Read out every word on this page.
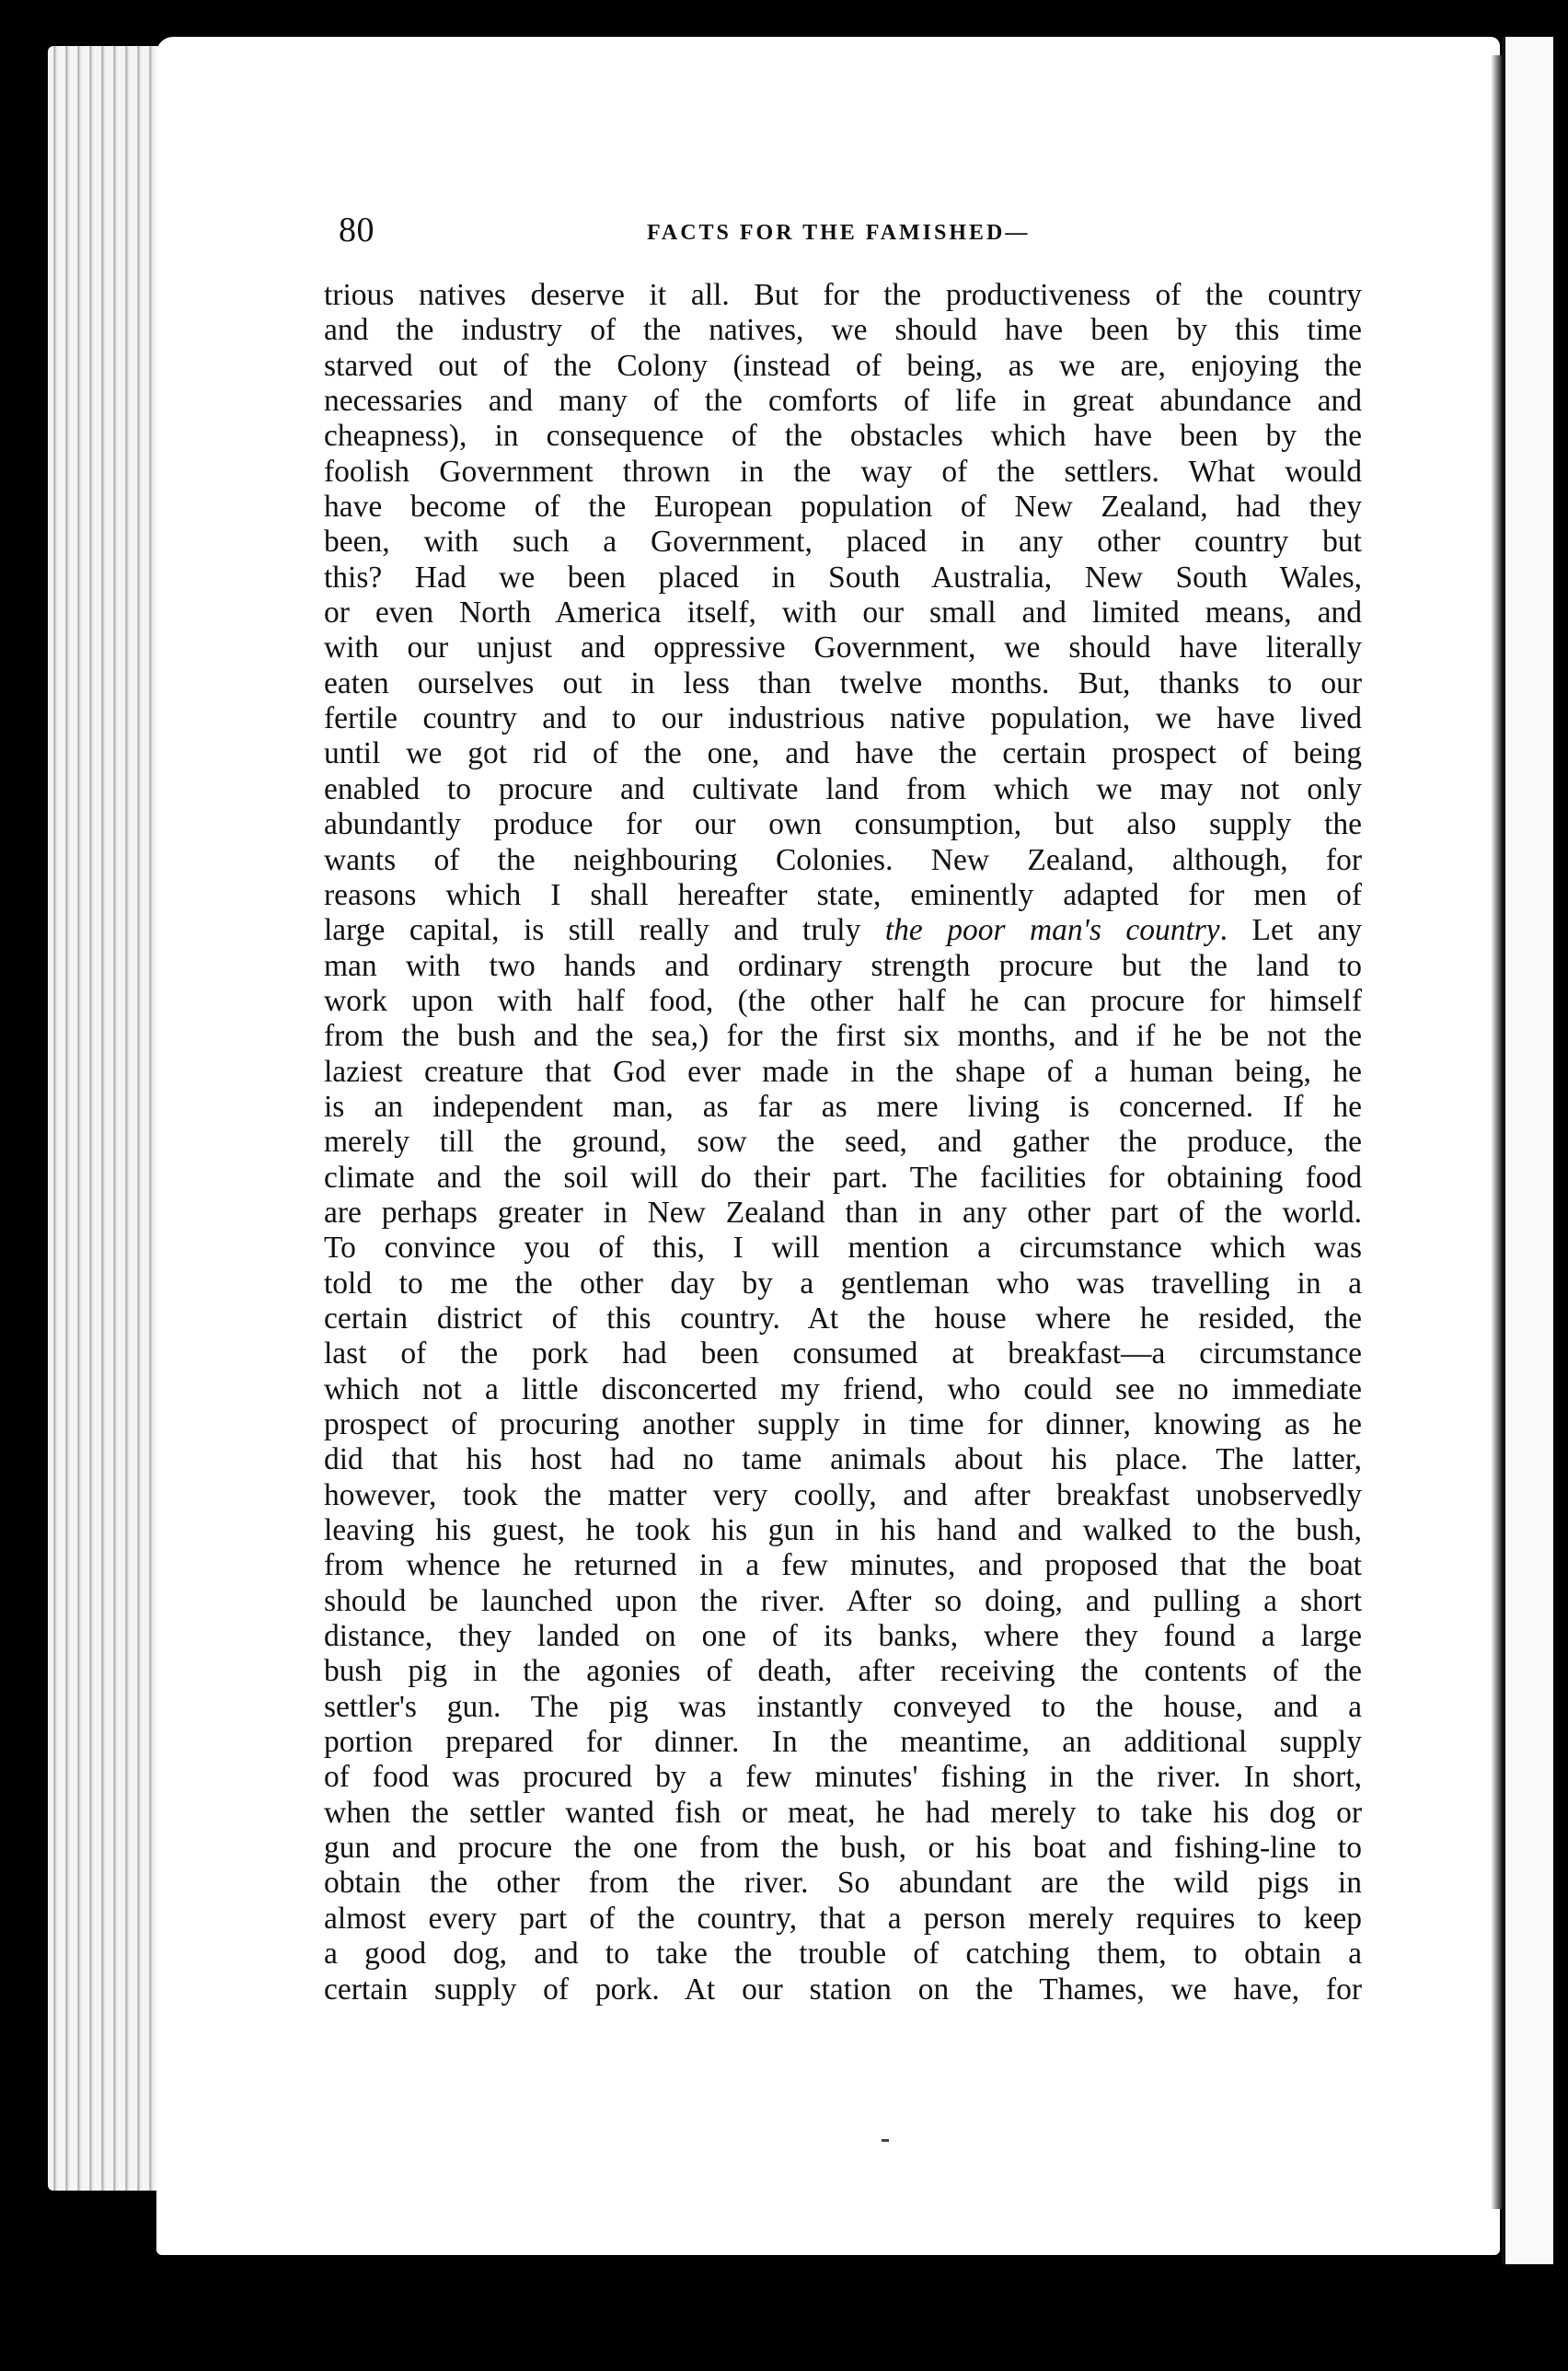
80	FACTS FOR THE FAMISHED—
trious natives deserve it all. But for the productiveness of the country
and the industry of the natives, we should have been by this time
starved out of the Colony (instead of being, as we are, enjoying the
necessaries and many of the comforts of life in great abundance and
cheapness), in consequence of the obstacles which have been by the
foolish Government thrown in the way of the settlers. What would
have become of the European population of New Zealand, had they
been, with such a Government, placed in any other country but
this? Had we been placed in South Australia, New South Wales,
or even North America itself, with our small and limited means, and
with our unjust and oppressive Government, we should have literally
eaten ourselves out in less than twelve months. But, thanks to our
fertile country and to our industrious native population, we have lived
until we got rid of the one, and have the certain prospect of being
enabled to procure and cultivate land from which we may not only
abundantly produce for our own consumption, but also supply the
wants of the neighbouring Colonies. New Zealand, although, for
reasons which I shall hereafter state, eminently adapted for men of
large capital, is still really and truly the poor man's country. Let any
man with two hands and ordinary strength procure but the land to
work upon with half food, (the other half he can procure for himself
from the bush and the sea,) for the first six months, and if he be not the
laziest creature that God ever made in the shape of a human being, he
is an independent man, as far as mere living is concerned. If he
merely till the ground, sow the seed, and gather the produce, the
climate and the soil will do their part. The facilities for obtaining food
are perhaps greater in New Zealand than in any other part of the world.
To convince you of this, I will mention a circumstance which was
told to me the other day by a gentleman who was travelling in a
certain district of this country. At the house where he resided, the
last of the pork had been consumed at breakfast—a circumstance
which not a little disconcerted my friend, who could see no immediate
prospect of procuring another supply in time for dinner, knowing as he
did that his host had no tame animals about his place. The latter,
however, took the matter very coolly, and after breakfast unobservedly
leaving his guest, he took his gun in his hand and walked to the bush,
from whence he returned in a few minutes, and proposed that the boat
should be launched upon the river. After so doing, and pulling a short
distance, they landed on one of its banks, where they found a large
bush pig in the agonies of death, after receiving the contents of the
settler's gun. The pig was instantly conveyed to the house, and a
portion prepared for dinner. In the meantime, an additional supply
of food was procured by a few minutes' fishing in the river. In short,
when the settler wanted fish or meat, he had merely to take his dog or
gun and procure the one from the bush, or his boat and fishing-line to
obtain the other from the river. So abundant are the wild pigs in
almost every part of the country, that a person merely requires to keep
a good dog, and to take the trouble of catching them, to obtain a
certain supply of pork. At our station on the Thames, we have, for
